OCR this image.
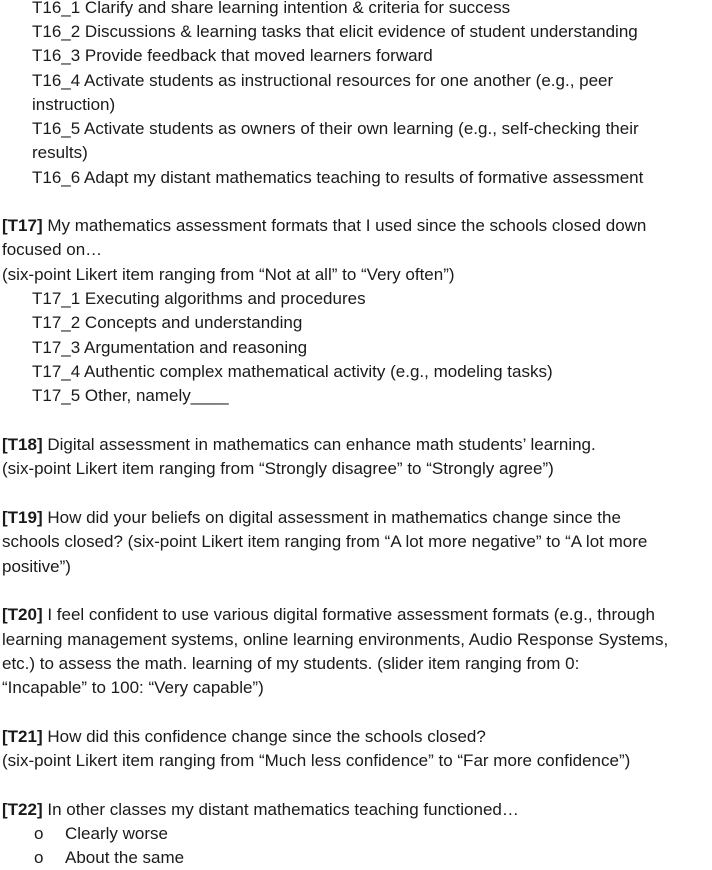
T16_1 Clarify and share learning intention & criteria for success
T16_2 Discussions & learning tasks that elicit evidence of student understanding
T16_3 Provide feedback that moved learners forward
T16_4 Activate students as instructional resources for one another (e.g., peer
instruction)
T16_5 Activate students as owners of their own learning (e.g., self-checking their
results)
T16_6 Adapt my distant mathematics teaching to results of formative assessment
[T17] My mathematics assessment formats that I used since the schools closed down
focused on…
(six-point Likert item ranging from “Not at all” to “Very often”)
T17_1 Executing algorithms and procedures
T17_2 Concepts and understanding
T17_3 Argumentation and reasoning
T17_4 Authentic complex mathematical activity (e.g., modeling tasks)
T17_5 Other, namely____
[T18] Digital assessment in mathematics can enhance math students’ learning.
(six-point Likert item ranging from “Strongly disagree” to “Strongly agree”)
[T19] How did your beliefs on digital assessment in mathematics change since the
schools closed? (six-point Likert item ranging from “A lot more negative” to “A lot more
positive”)
[T20] I feel confident to use various digital formative assessment formats (e.g., through
learning management systems, online learning environments, Audio Response Systems,
etc.) to assess the math. learning of my students. (slider item ranging from 0:
“Incapable” to 100: “Very capable”)
[T21] How did this confidence change since the schools closed?
(six-point Likert item ranging from “Much less confidence” to “Far more confidence”)
[T22] In other classes my distant mathematics teaching functioned…
o Clearly worse
o About the same
